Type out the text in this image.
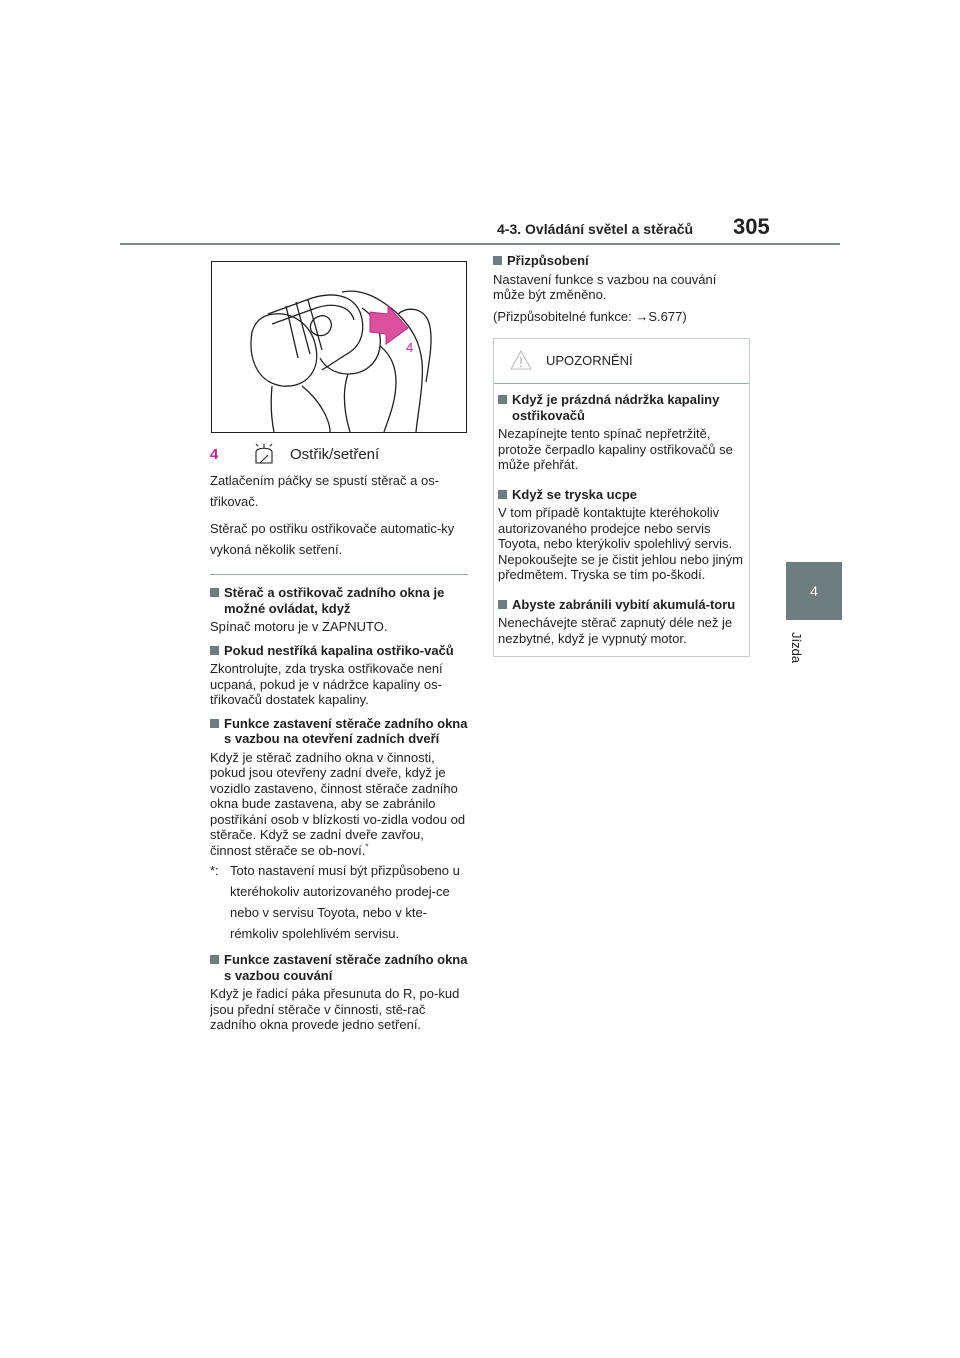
4-3. Ovládání světel a stěračů 305
4
Jízda
4
4	Ostřik/setření

Zatlačením páčky se spustí stěrač a os-třikovač.

Stěrač po ostřiku ostřikovače automatic-ky vykoná několik setření.

Stěrač a ostřikovač zadního okna je možné ovládat, když

Spínač motoru je v ZAPNUTO.

Pokud nestříká kapalina ostřiko-vačů

Zkontrolujte, zda tryska ostřikovače není ucpaná, pokud je v nádržce kapaliny os-třikovačů dostatek kapaliny.

Funkce zastavení stěrače zadního okna s vazbou na otevření zadních dveří

Když je stěrač zadního okna v činnosti, pokud jsou otevřeny zadní dveře, když je vozidlo zastaveno, činnost stěrače zadního okna bude zastavena, aby se zabránilo postříkání osob v blízkosti vo-zidla vodou od stěrače. Když se zadní dveře zavřou, činnost stěrače se ob-noví.*

*: Toto nastavení musí být přizpůsobeno u kteréhokoliv autorizovaného prodej-ce nebo v servisu Toyota, nebo v kte-rémkoliv spolehlivém servisu.
Funkce zastavení stěrače zadního okna s vazbou couvání

Když je řadicí páka přesunuta do R, po-kud jsou přední stěrače v činnosti, stě-rač zadního okna provede jedno setření.

Přizpůsobení

Nastavení funkce s vazbou na couvání může být změněno.

(Přizpůsobitelné funkce: →S.677)

UPOZORNĚNÍ
Když je prázdná nádržka kapaliny ostřikovačů

Nezapínejte tento spínač nepřetržitě, protože čerpadlo kapaliny ostřikovačů se může přehřát.

Když se tryska ucpe

V tom případě kontaktujte kteréhokoliv autorizovaného prodejce nebo servis Toyota, nebo kterýkoliv spolehlivý servis.

Nepokoušejte se je čistit jehlou nebo jiným předmětem. Tryska se tím po-škodí.

Abyste zabránili vybití akumulá-toru

Nenechávejte stěrač zapnutý déle než je nezbytné, když je vypnutý motor.
